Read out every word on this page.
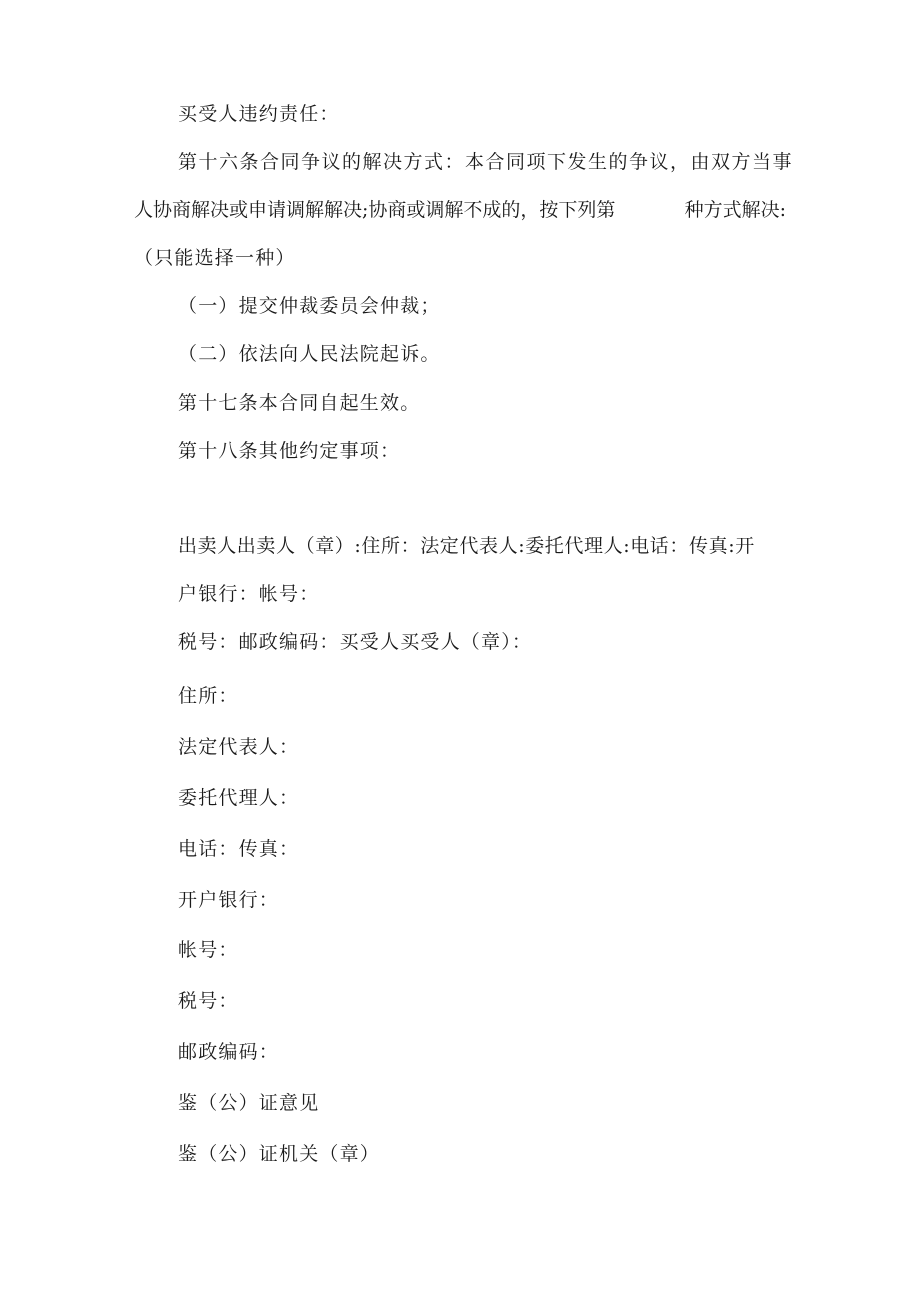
买受人违约责任：
第十六条合同争议的解决方式：本合同项下发生的争议，由双方当事
人协商解决或申请调解解决;协商或调解不成的，按下列第	种方式解决:
（只能选择一种）
（一）提交仲裁委员会仲裁；
（二）依法向人民法院起诉。
第十七条本合同自起生效。
第十八条其他约定事项：
出卖人出卖人（章）:住所：法定代表人:委托代理人:电话：传真:开
户银行：帐号：
税号：邮政编码：买受人买受人（章）：
住所：
法定代表人：
委托代理人：
电话：传真：
开户银行：
帐号：
税号：
邮政编码：
鉴（公）证意见
鉴（公）证机关（章）
